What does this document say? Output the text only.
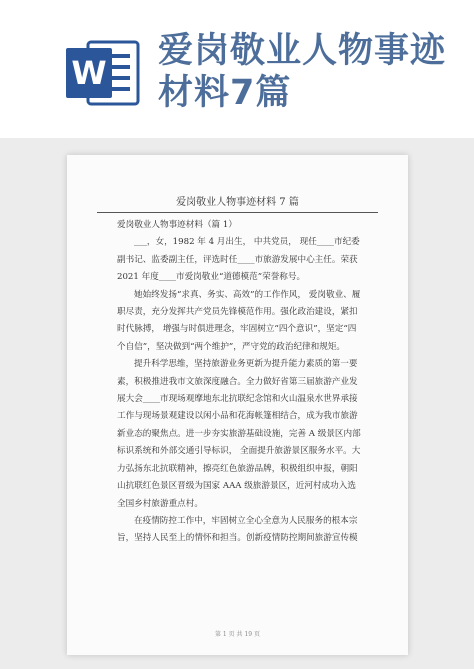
W
爱岗敬业人物事迹
材料7篇
爱岗敬业人物事迹材料 7 篇

爱岗敬业人物事迹材料（篇 1）

___，女，1982 年 4 月出生， 中共党员， 现任____市纪委副书记、监委副主任，评选时任____市旅游发展中心主任。荣获 2021 年度____市爱岗敬业“道德模范”荣誉称号。

她始终发扬“求真、务实、高效”的工作作风， 爱岗敬业、履职尽责，充分发挥共产党员先锋模范作用。强化政治建设，紧扣时代脉搏， 增强与时俱进理念，牢固树立“四个意识”，坚定“四个自信”，坚决做到“两个维护”，严守党的政治纪律和规矩。

提升科学思维，坚持旅游业务更新为提升能力素质的第一要素，积极推进我市文旅深度融合。全力做好省第三届旅游产业发展大会____市现场观摩地东北抗联纪念馆和火山温泉水世界承接工作与现场景观建设以闲小品和花海帐篷相结合，成为我市旅游新业态的聚焦点。进一步夯实旅游基础设施，完善 A 级景区内部标识系统和外部交通引导标识， 全面提升旅游景区服务水平。大力弘扬东北抗联精神，擦亮红色旅游品牌，积极组织申报，朝阳山抗联红色景区晋级为国家 AAA 级旅游景区，近河村成功入选全国乡村旅游重点村。

在疫情防控工作中，牢固树立全心全意为人民服务的根本宗旨，坚持人民至上的情怀和担当。创新疫情防控期间旅游宣传模

第 1 页 共 19 页
